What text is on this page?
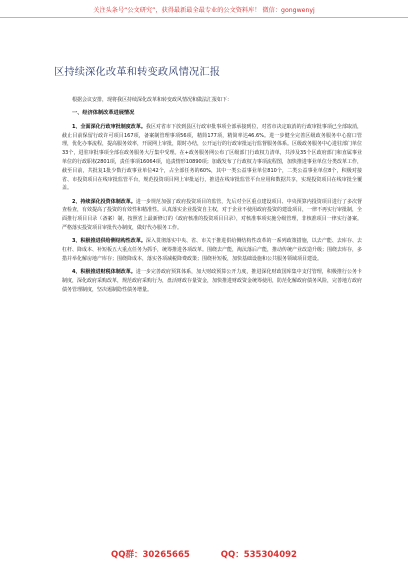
关注头条号“公文研究”，获得最新最全最专业的公文资料库！ 微信：gongwenyj
区持续深化改革和转变政风情况汇报

根据会议安排，现将我区持续深化改革和转变政风情况和做法汇报如下：

一、经济体制改革进展情况

1、全面深化行政审批制度改革。我区对省市下放到县区行政审批事项全部承接到位，对省市决定取消的行政审批事项已全部取消，截止目前保留行政许可项目167项，备案制管理事项56项，精简177项，精简率达46.6%。进一步健全完善区级政务服务中心窗口管理，优化办事流程，提高服务效率，开展网上审批，限时办结，公开运行的行政审批运行监督服务体系。区级政务服务中心进驻部门单位33个，进驻审批事项全部在政务服务大厅集中受理。在+政务服务网公布了区级部门行政权力清单，共涉及35个区政府部门和直属事业单位的行政职权2801项，责任事项16064项，追责情形10890项；加载发布了行政权力事项流程图，加快推进事业单位分类改革工作，截至目前，共批复1批少数行政事业单位42个，占全部任务的60%，其中一类公益事业单位810个，二类公益事业单位8个，积极对接省、市投资项目在线审批监管平台，规范投资项目网上审批运行，推进在线审批监管平台应用和数据共享，实现投资项目在线审批全覆盖。

2、持续深化投资体制改革。进一步规范加强了政府投资项目的监管，先后对全区重点建设项目、中央预算内投资项目进行了多次督查检查，有效提高了投资的有效性和精准性。认真落实企业投资自主权，对于企业不使用政府投资的建设项目，一律不再实行审批制，全面推行项目目录（备案）制，按照省上最新修订的《政府核准的投资项目目录》，对核准事项实施分级管理，非核准项目一律实行备案。严格落实投资项目审批代办制度，做好代办服务工作。

3、积极推进供给侧结构性改革。深入贯彻落实中央、省、市关于推进供给侧结构性改革的一系列政策措施，以去产能、去库存、去杠杆、降成本、补短板五大重点任务为抓手，统筹推进各项改革。围绕去产能，淘汰落后产能，推动传统产业改造升级；围绕去库存，多措并举化解房地产库存；围绕降成本，落实各项减税降费政策；围绕补短板，加快基础设施和公共服务领域项目建设。

4、积极推进财税体制改革。进一步完善政府预算体系，加大财政预算公开力度，推进深化财政国库集中支付管理，积极推行公务卡制度，深化政府采购改革，规范政府采购行为，盘活财政存量资金，加快推进财政资金统筹使用，防范化解政府债务风险，完善地方政府债务管理制度，坚决遏制隐性债务增量。

QQ群：30265665	QQ：535304092
